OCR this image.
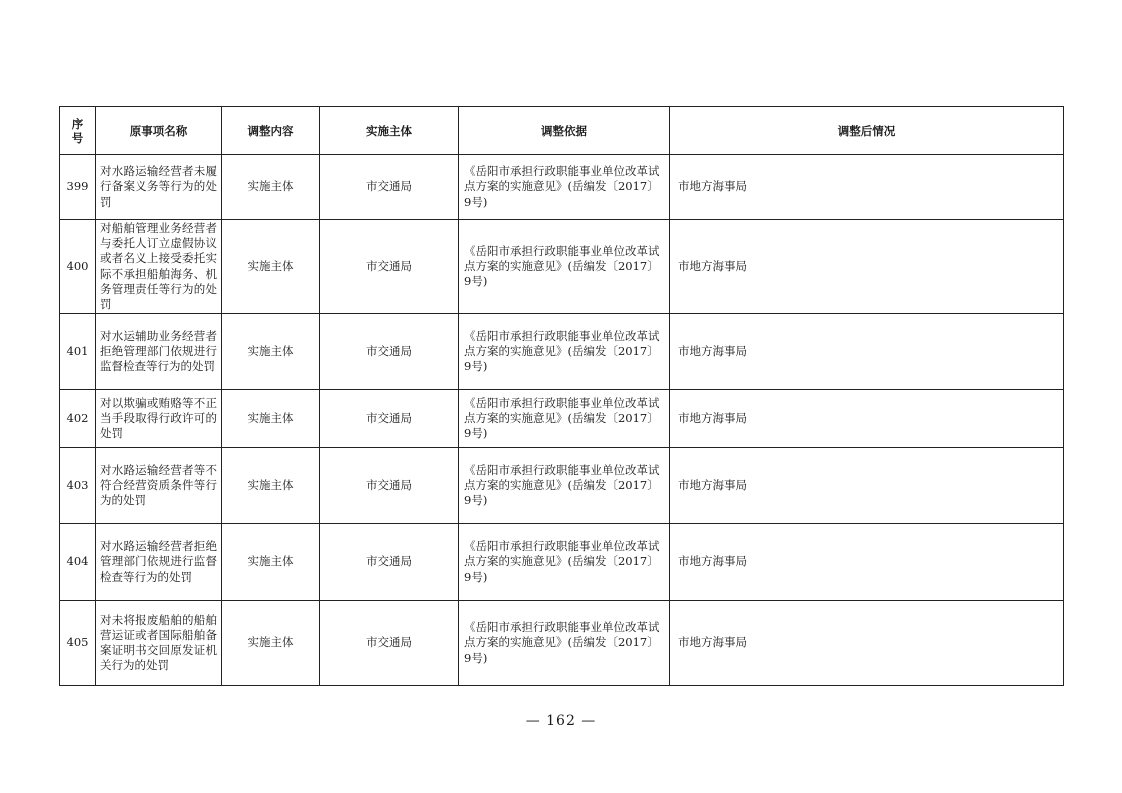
序号	原事项名称	调整内容	实施主体	调整依据	调整后情况
399	对水路运输经营者未履行备案义务等行为的处罚	实施主体	市交通局	《岳阳市承担行政职能事业单位改革试点方案的实施意见》(岳编发〔2017〕9号)	市地方海事局
400	对船舶管理业务经营者与委托人订立虚假协议或者名义上接受委托实际不承担船舶海务、机务管理责任等行为的处罚	实施主体	市交通局	《岳阳市承担行政职能事业单位改革试点方案的实施意见》(岳编发〔2017〕9号)	市地方海事局
401	对水运辅助业务经营者拒绝管理部门依规进行监督检查等行为的处罚	实施主体	市交通局	《岳阳市承担行政职能事业单位改革试点方案的实施意见》(岳编发〔2017〕9号)	市地方海事局
402	对以欺骗或贿赂等不正当手段取得行政许可的处罚	实施主体	市交通局	《岳阳市承担行政职能事业单位改革试点方案的实施意见》(岳编发〔2017〕9号)	市地方海事局
403	对水路运输经营者等不符合经营资质条件等行为的处罚	实施主体	市交通局	《岳阳市承担行政职能事业单位改革试点方案的实施意见》(岳编发〔2017〕9号)	市地方海事局
404	对水路运输经营者拒绝管理部门依规进行监督检查等行为的处罚	实施主体	市交通局	《岳阳市承担行政职能事业单位改革试点方案的实施意见》(岳编发〔2017〕9号)	市地方海事局
405	对未将报废船舶的船舶营运证或者国际船舶备案证明书交回原发证机关行为的处罚	实施主体	市交通局	《岳阳市承担行政职能事业单位改革试点方案的实施意见》(岳编发〔2017〕9号)	市地方海事局
— 162 —
